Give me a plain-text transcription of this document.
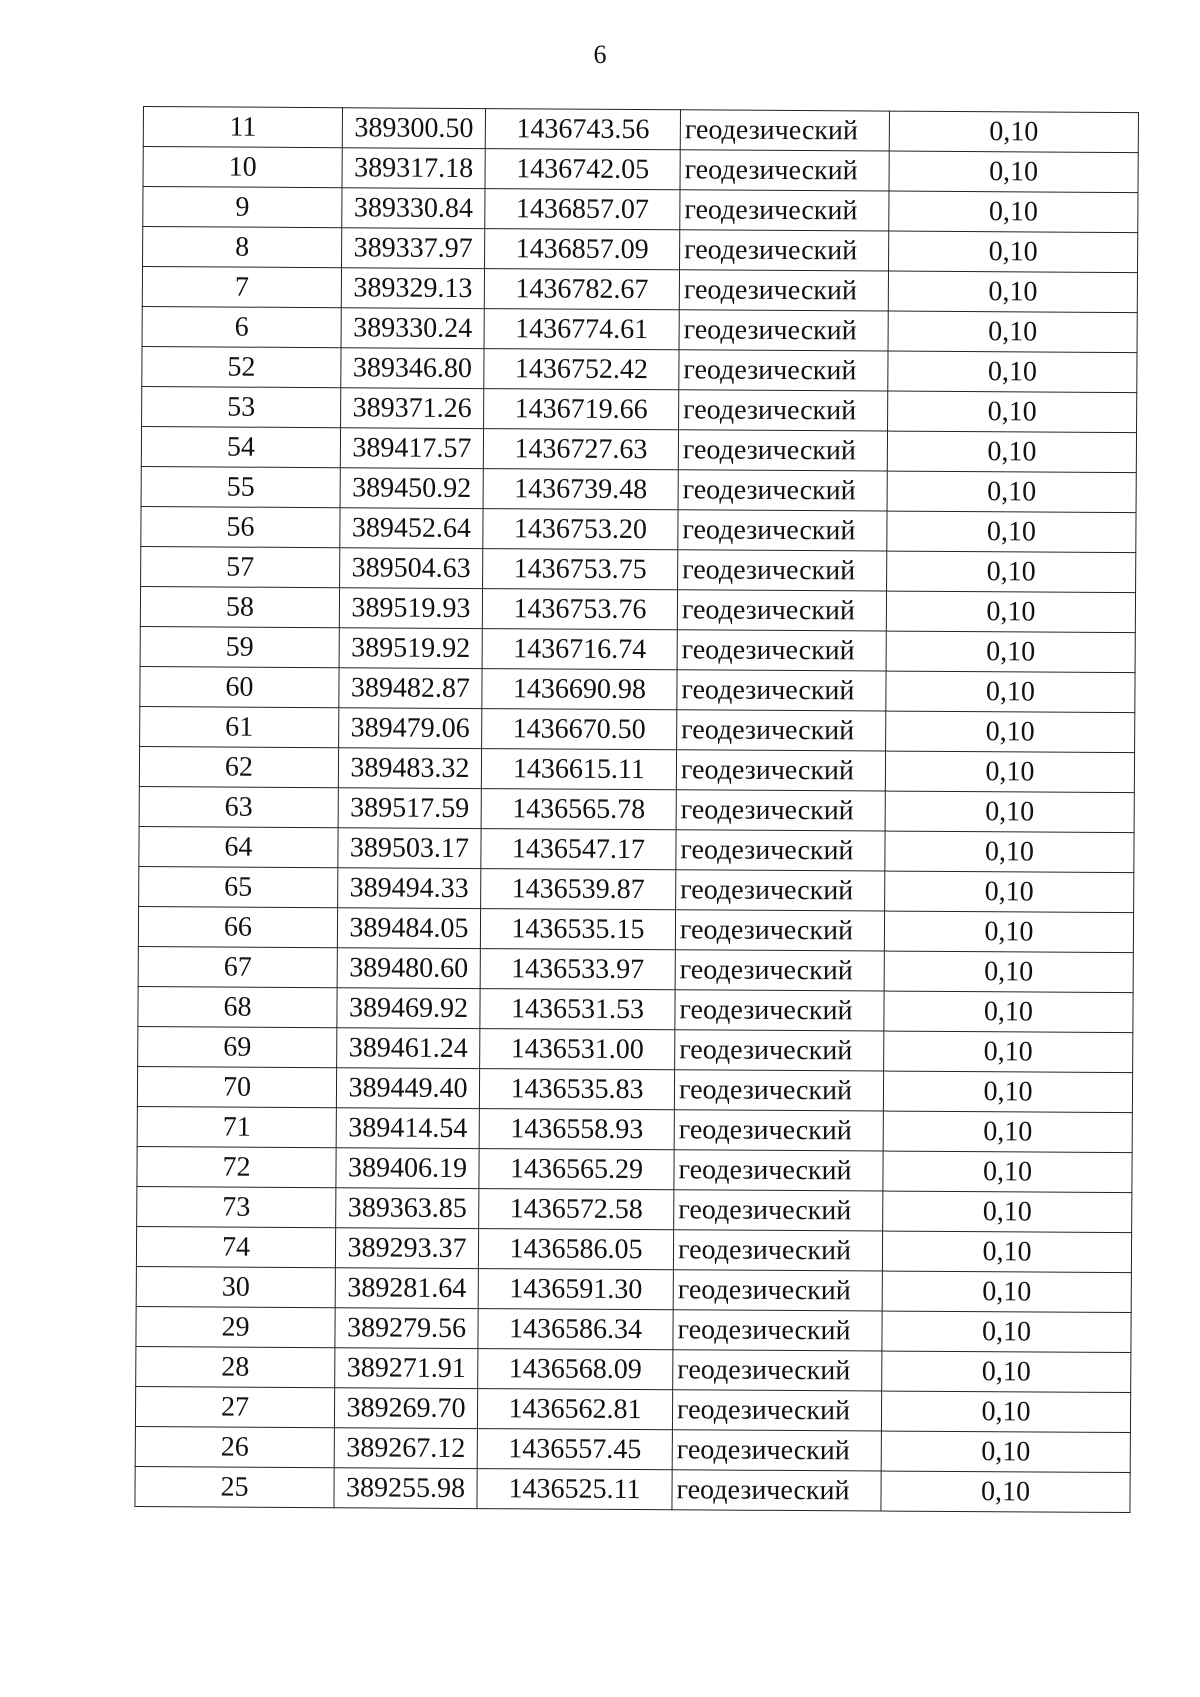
6
11	389300.50	1436743.56	геодезический	0,10
10	389317.18	1436742.05	геодезический	0,10
9	389330.84	1436857.07	геодезический	0,10
8	389337.97	1436857.09	геодезический	0,10
7	389329.13	1436782.67	геодезический	0,10
6	389330.24	1436774.61	геодезический	0,10
52	389346.80	1436752.42	геодезический	0,10
53	389371.26	1436719.66	геодезический	0,10
54	389417.57	1436727.63	геодезический	0,10
55	389450.92	1436739.48	геодезический	0,10
56	389452.64	1436753.20	геодезический	0,10
57	389504.63	1436753.75	геодезический	0,10
58	389519.93	1436753.76	геодезический	0,10
59	389519.92	1436716.74	геодезический	0,10
60	389482.87	1436690.98	геодезический	0,10
61	389479.06	1436670.50	геодезический	0,10
62	389483.32	1436615.11	геодезический	0,10
63	389517.59	1436565.78	геодезический	0,10
64	389503.17	1436547.17	геодезический	0,10
65	389494.33	1436539.87	геодезический	0,10
66	389484.05	1436535.15	геодезический	0,10
67	389480.60	1436533.97	геодезический	0,10
68	389469.92	1436531.53	геодезический	0,10
69	389461.24	1436531.00	геодезический	0,10
70	389449.40	1436535.83	геодезический	0,10
71	389414.54	1436558.93	геодезический	0,10
72	389406.19	1436565.29	геодезический	0,10
73	389363.85	1436572.58	геодезический	0,10
74	389293.37	1436586.05	геодезический	0,10
30	389281.64	1436591.30	геодезический	0,10
29	389279.56	1436586.34	геодезический	0,10
28	389271.91	1436568.09	геодезический	0,10
27	389269.70	1436562.81	геодезический	0,10
26	389267.12	1436557.45	геодезический	0,10
25	389255.98	1436525.11	геодезический	0,10
